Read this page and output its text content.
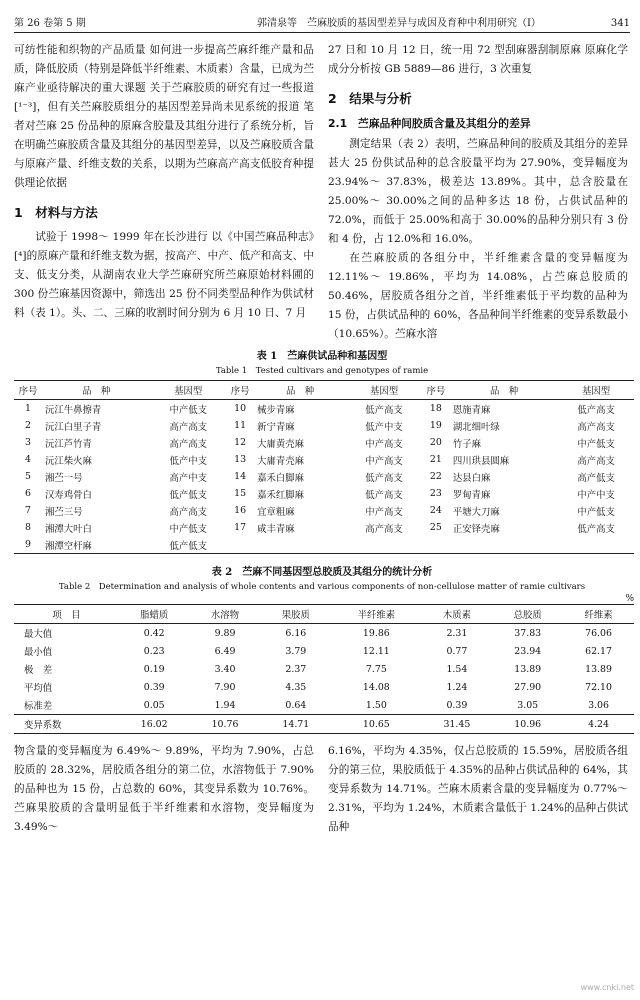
第 26 卷第 5 期	郭清泉等　苎麻胶质的基因型差异与成因及育种中利用研究（I）	341

可纺性能和织物的产品质量 如何进一步提高苎麻纤维产量和品质，降低胶质（特别是降低半纤维素、木质素）含量，已成为苎麻产业亟待解决的重大课题 关于苎麻胶质的研究有过一些报道[¹⁻³]，但有关苎麻胶质组分的基因型差异尚未见系统的报道 笔者对苎麻 25 份品种的原麻含胶量及其组分进行了系统分析，旨在明确苎麻胶质含量及其组分的基因型差异，以及苎麻胶质含量与原麻产量、纤维支数的关系，以期为苎麻高产高支低胶育种提供理论依据

1　材料与方法

试验于 1998～ 1999 年在长沙进行 以《中国苎麻品种志》[⁴]的原麻产量和纤维支数为据，按高产、中产、低产和高支、中支、低支分类，从湖南农业大学苎麻研究所苎麻原始材料圃的 300 份苎麻基因资源中，筛选出 25 份不同类型品种作为供试材料（表 1）。头、二、三麻的收割时间分别为 6 月 10 日、7 月

27 日和 10 月 12 日，统一用 72 型刮麻器刮制原麻 原麻化学成分分析按 GB 5889—86 进行，3 次重复

2　结果与分析
2.1　苎麻品种间胶质含量及其组分的差异

测定结果（表 2）表明，苎麻品种间的胶质及其组分的差异甚大 25 份供试品种的总含胶量平均为 27.90%，变异幅度为 23.94%～ 37.83%，极差达 13.89%。其中，总含胶量在 25.00%～ 30.00%之间的品种多达 18 份，占供试品种的 72.0%，而低于 25.00%和高于 30.00%的品种分别只有 3 份和 4 份，占 12.0%和 16.0%。

在苎麻胶质的各组分中，半纤维素含量的变异幅度为 12.11%～ 19.86%，平均为 14.08%，占苎麻总胶质的 50.46%，居胶质各组分之首，半纤维素低于平均数的品种为 15 份，占供试品种的 60%，各品种间半纤维素的变异系数最小（10.65%）。苎麻水溶

表 1　苎麻供试品种和基因型
Table 1　Tested cultivars and genotypes of ramie
序号	品　种	基因型	序号	品　种	基因型	序号	品　种	基因型
1	沅江牛鼻擦青	中产低支	10	械步青麻	低产高支	18	恩施青麻	低产高支
2	沅江白里子青	高产高支	11	新宁青麻	低产中支	19	湖北细叶绿	高产高支
3	沅江芦竹青	高产高支	12	大庸黄壳麻	中产高支	20	竹子麻	中产低支
4	沅江柴火麻	低产中支	13	大庸青壳麻	中产高支	21	四川珙县圆麻	高产高支
5	湘苎一号	高产中支	14	嘉禾白脚麻	低产高支	22	达县白麻	高产低支
6	汉寿鸡骨白	低产低支	15	嘉禾红脚麻	低产高支	23	罗甸青麻	中产中支
7	湘苎三号	高产高支	16	宜章粗麻	中产高支	24	平塘大刀麻	中产低支
8	湘潭大叶白	中产低支	17	咸丰青麻	高产高支	25	正安铎壳麻	低产高支
9	湘潭空杆麻	低产低支						
表 2　苎麻不同基因型总胶质及其组分的统计分析
Table 2　Determination and analysis of whole contents and various components of non-cellulose matter of ramie cultivars
%
项　目	脂蜡质	水溶物	果胶质	半纤维素	木质素	总胶质	纤维素
最大值	0.42	9.89	6.16	19.86	2.31	37.83	76.06
最小值	0.23	6.49	3.79	12.11	0.77	23.94	62.17
极　差	0.19	3.40	2.37	7.75	1.54	13.89	13.89
平均值	0.39	7.90	4.35	14.08	1.24	27.90	72.10
标准差	0.05	1.94	0.64	1.50	0.39	3.05	3.06
变异系数	16.02	10.76	14.71	10.65	31.45	10.96	4.24

物含量的变异幅度为 6.49%～ 9.89%，平均为 7.90%，占总胶质的 28.32%，居胶质各组分的第二位，水溶物低于 7.90%的品种也为 15 份，占总数的 60%，其变异系数为 10.76%。苎麻果胶质的含量明显低于半纤维素和水溶物，变异幅度为 3.49%～

6.16%，平均为 4.35%，仅占总胶质的 15.59%，居胶质各组分的第三位，果胶质低于 4.35%的品种占供试品种的 64%，其变异系数为 14.71%。苎麻木质素含量的变异幅度为 0.77%～ 2.31%，平均为 1.24%，木质素含量低于 1.24%的品种占供试品种

www.cnki.net
